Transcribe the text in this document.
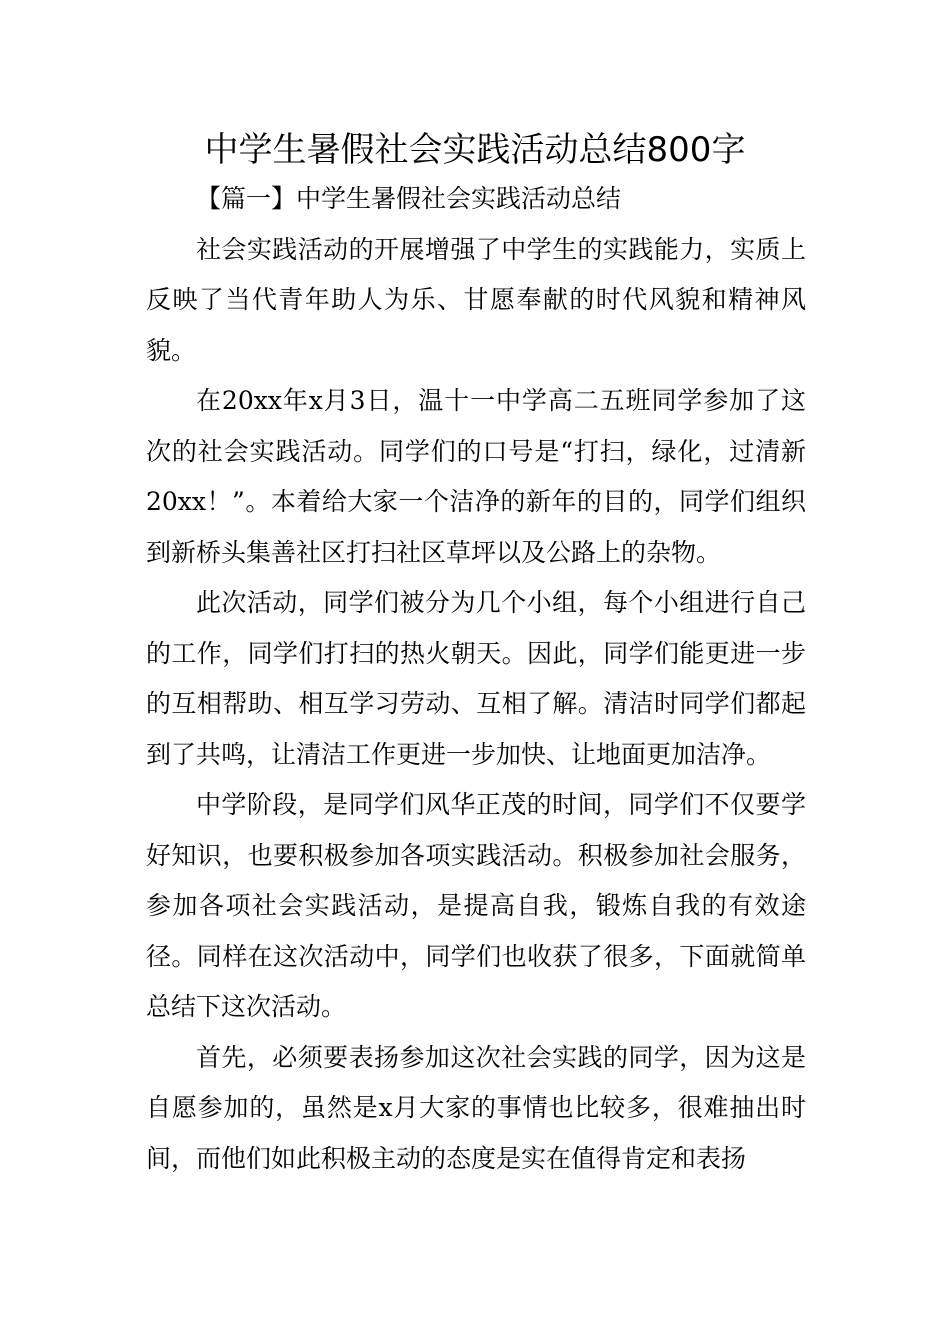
中学生暑假社会实践活动总结800字

【篇一】中学生暑假社会实践活动总结

社会实践活动的开展增强了中学生的实践能力，实质上反映了当代青年助人为乐、甘愿奉献的时代风貌和精神风貌。

在20xx年x月3日，温十一中学高二五班同学参加了这次的社会实践活动。同学们的口号是“打扫，绿化，过清新20xx！”。本着给大家一个洁净的新年的目的，同学们组织到新桥头集善社区打扫社区草坪以及公路上的杂物。

此次活动，同学们被分为几个小组，每个小组进行自己的工作，同学们打扫的热火朝天。因此，同学们能更进一步的互相帮助、相互学习劳动、互相了解。清洁时同学们都起到了共鸣，让清洁工作更进一步加快、让地面更加洁净。

中学阶段，是同学们风华正茂的时间，同学们不仅要学好知识，也要积极参加各项实践活动。积极参加社会服务，参加各项社会实践活动，是提高自我，锻炼自我的有效途径。同样在这次活动中，同学们也收获了很多，下面就简单总结下这次活动。

首先，必须要表扬参加这次社会实践的同学，因为这是自愿参加的，虽然是x月大家的事情也比较多，很难抽出时间，而他们如此积极主动的态度是实在值得肯定和表扬
